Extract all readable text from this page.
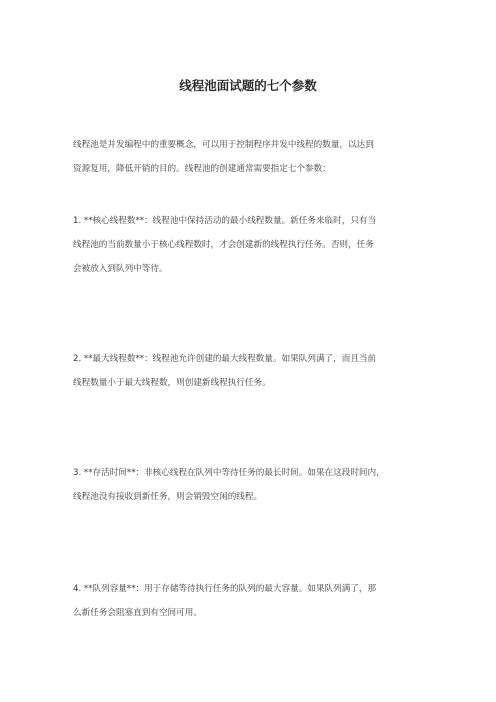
线程池面试题的七个参数
线程池是并发编程中的重要概念，可以用于控制程序并发中线程的数量，以达到
资源复用，降低开销的目的。线程池的创建通常需要指定七个参数：
1. **核心线程数**：线程池中保持活动的最小线程数量。新任务来临时，只有当
线程池的当前数量小于核心线程数时，才会创建新的线程执行任务。否则，任务
会被放入到队列中等待。
2. **最大线程数**：线程池允许创建的最大线程数量。如果队列满了，而且当前
线程数量小于最大线程数，则创建新线程执行任务。
3. **存活时间**：非核心线程在队列中等待任务的最长时间。如果在这段时间内，
线程池没有接收到新任务，则会销毁空闲的线程。
4. **队列容量**：用于存储等待执行任务的队列的最大容量。如果队列满了，那
么新任务会阻塞直到有空间可用。
